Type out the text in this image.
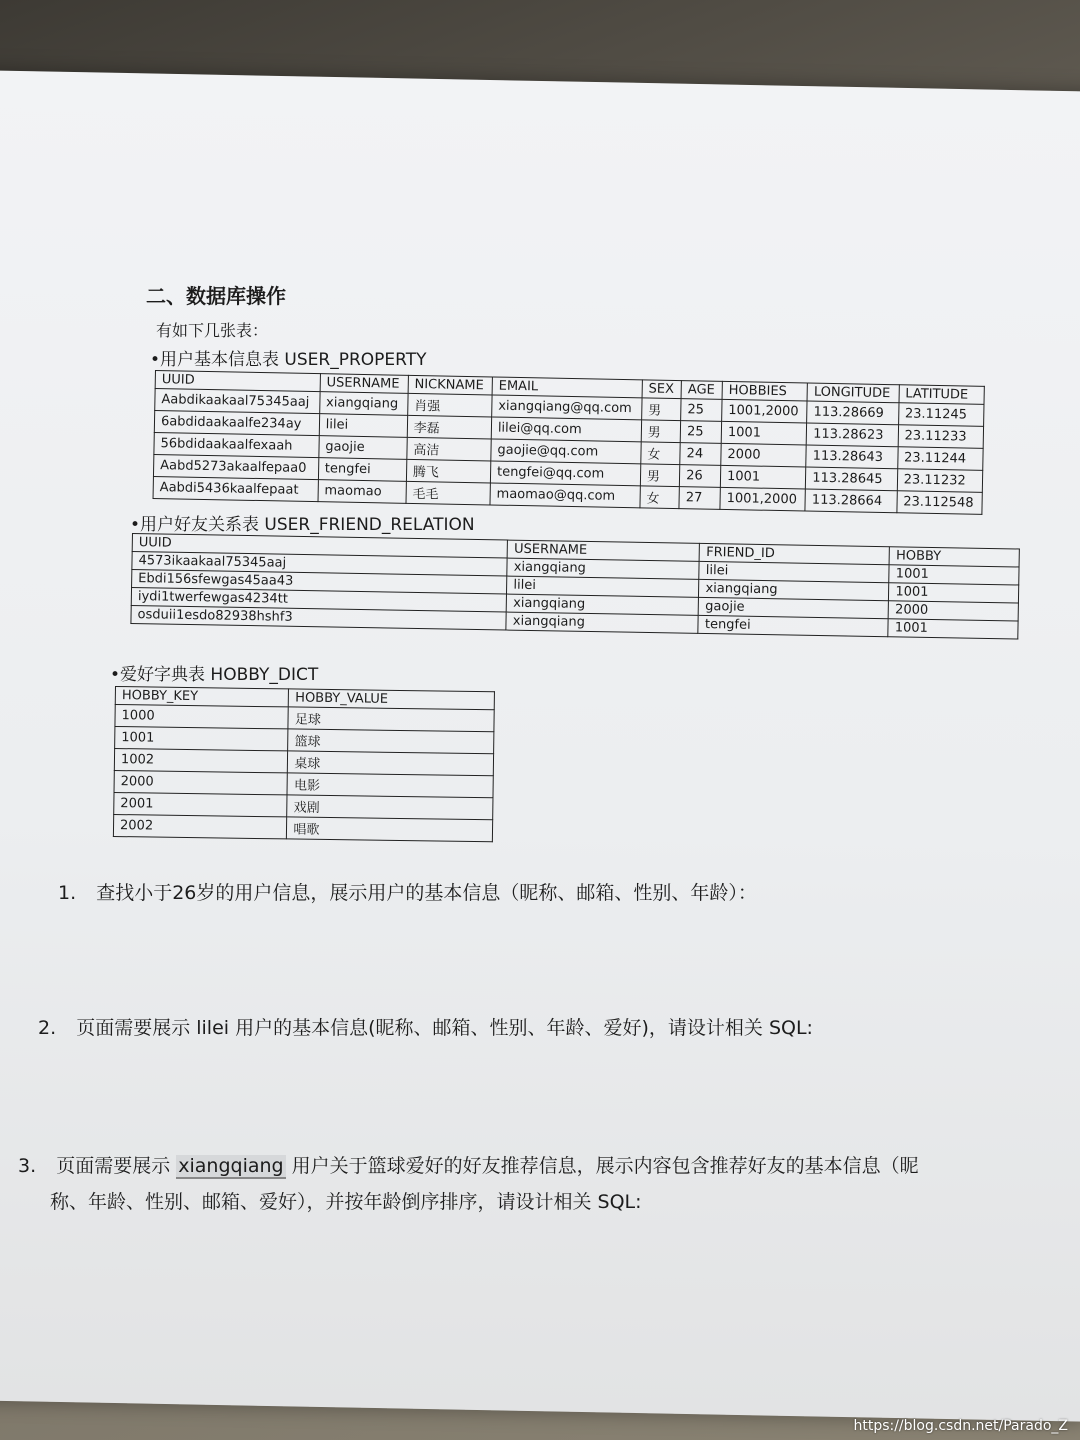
二、数据库操作
有如下几张表：
•用户基本信息表 USER_PROPERTY
UUID	USERNAME	NICKNAME	EMAIL	SEX	AGE	HOBBIES	LONGITUDE	LATITUDE
Aabdikaakaal75345aaj	xiangqiang	肖强	xiangqiang@qq.com	男	25	1001,2000	113.28669	23.11245
6abdidaakaalfe234ay	lilei	李磊	lilei@qq.com	男	25	1001	113.28623	23.11233
56bdidaakaalfexaah	gaojie	高洁	gaojie@qq.com	女	24	2000	113.28643	23.11244
Aabd5273akaalfepaa0	tengfei	腾飞	tengfei@qq.com	男	26	1001	113.28645	23.11232
Aabdi5436kaalfepaat	maomao	毛毛	maomao@qq.com	女	27	1001,2000	113.28664	23.112548
•用户好友关系表 USER_FRIEND_RELATION
UUID	USERNAME	FRIEND_ID	HOBBY
4573ikaakaal75345aaj	xiangqiang	lilei	1001
Ebdi156sfewgas45aa43	lilei	xiangqiang	1001
iydi1twerfewgas4234tt	xiangqiang	gaojie	2000
osduii1esdo82938hshf3	xiangqiang	tengfei	1001
•爱好字典表 HOBBY_DICT
HOBBY_KEY	HOBBY_VALUE
1000	足球
1001	篮球
1002	桌球
2000	电影
2001	戏剧
2002	唱歌
1. 查找小于26岁的用户信息，展示用户的基本信息（昵称、邮箱、性别、年龄）：
2. 页面需要展示 lilei 用户的基本信息(昵称、邮箱、性别、年龄、爱好)，请设计相关 SQL:
3. 页面需要展示 xiangqiang 用户关于篮球爱好的好友推荐信息，展示内容包含推荐好友的基本信息（昵
称、年龄、性别、邮箱、爱好），并按年龄倒序排序，请设计相关 SQL:
https://blog.csdn.net/Parado_Z
